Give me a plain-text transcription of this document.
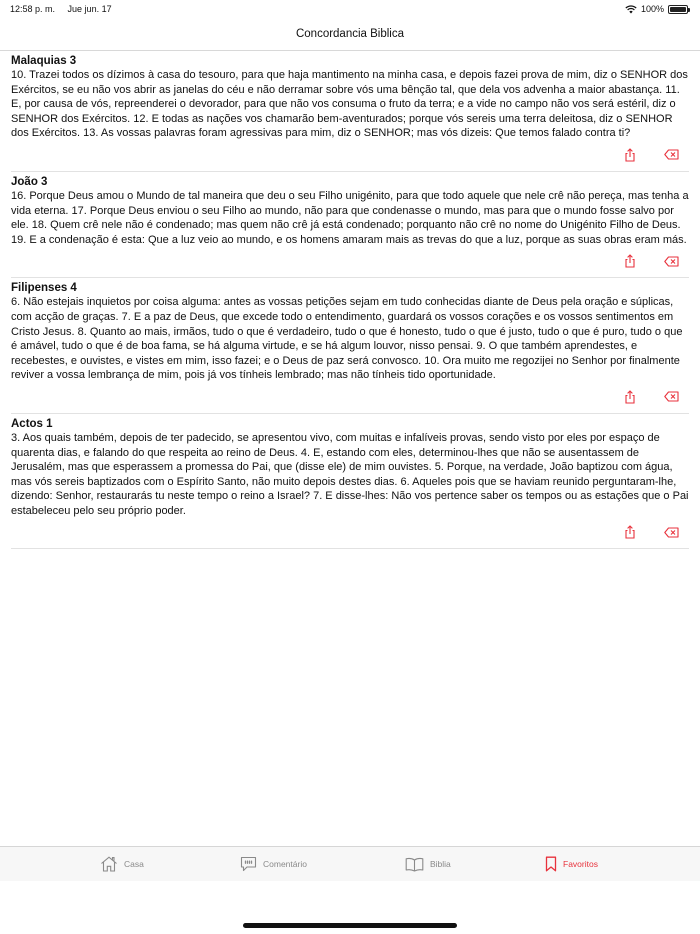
12:58 p. m. Jue jun. 17	100%
Concordancia Biblica
Malaquias 3
10. Trazei todos os dízimos à casa do tesouro, para que haja mantimento na minha casa, e depois fazei prova de mim, diz o SENHOR dos Exércitos, se eu não vos abrir as janelas do céu e não derramar sobre vós uma bênção tal, que dela vos advenha a maior abastança. 11. E, por causa de vós, repreenderei o devorador, para que não vos consuma o fruto da terra; e a vide no campo não vos será estéril, diz o SENHOR dos Exércitos. 12. E todas as nações vos chamarão bem-aventurados; porque vós sereis uma terra deleitosa, diz o SENHOR dos Exércitos. 13. As vossas palavras foram agressivas para mim, diz o SENHOR; mas vós dizeis: Que temos falado contra ti?
João 3
16. Porque Deus amou o Mundo de tal maneira que deu o seu Filho unigénito, para que todo aquele que nele crê não pereça, mas tenha a vida eterna. 17. Porque Deus enviou o seu Filho ao mundo, não para que condenasse o mundo, mas para que o mundo fosse salvo por ele. 18. Quem crê nele não é condenado; mas quem não crê já está condenado; porquanto não crê no nome do Unigénito Filho de Deus. 19. E a condenação é esta: Que a luz veio ao mundo, e os homens amaram mais as trevas do que a luz, porque as suas obras eram más.
Filipenses 4
6. Não estejais inquietos por coisa alguma: antes as vossas petições sejam em tudo conhecidas diante de Deus pela oração e súplicas, com acção de graças. 7. E a paz de Deus, que excede todo o entendimento, guardará os vossos corações e os vossos sentimentos em Cristo Jesus. 8. Quanto ao mais, irmãos, tudo o que é verdadeiro, tudo o que é honesto, tudo o que é justo, tudo o que é puro, tudo o que é amável, tudo o que é de boa fama, se há alguma virtude, e se há algum louvor, nisso pensai. 9. O que também aprendestes, e recebestes, e ouvistes, e vistes em mim, isso fazei; e o Deus de paz será convosco. 10. Ora muito me regozijei no Senhor por finalmente reviver a vossa lembrança de mim, pois já vos tínheis lembrado; mas não tínheis tido oportunidade.
Actos 1
3. Aos quais também, depois de ter padecido, se apresentou vivo, com muitas e infalíveis provas, sendo visto por eles por espaço de quarenta dias, e falando do que respeita ao reino de Deus. 4. E, estando com eles, determinou-lhes que não se ausentassem de Jerusalém, mas que esperassem a promessa do Pai, que (disse ele) de mim ouvistes. 5. Porque, na verdade, João baptizou com água, mas vós sereis baptizados com o Espírito Santo, não muito depois destes dias. 6. Aqueles pois que se haviam reunido perguntaram-lhe, dizendo: Senhor, restaurarás tu neste tempo o reino a Israel? 7. E disse-lhes: Não vos pertence saber os tempos ou as estações que o Pai estabeleceu pelo seu próprio poder.
Casa	Comentário	Biblia	Favoritos
